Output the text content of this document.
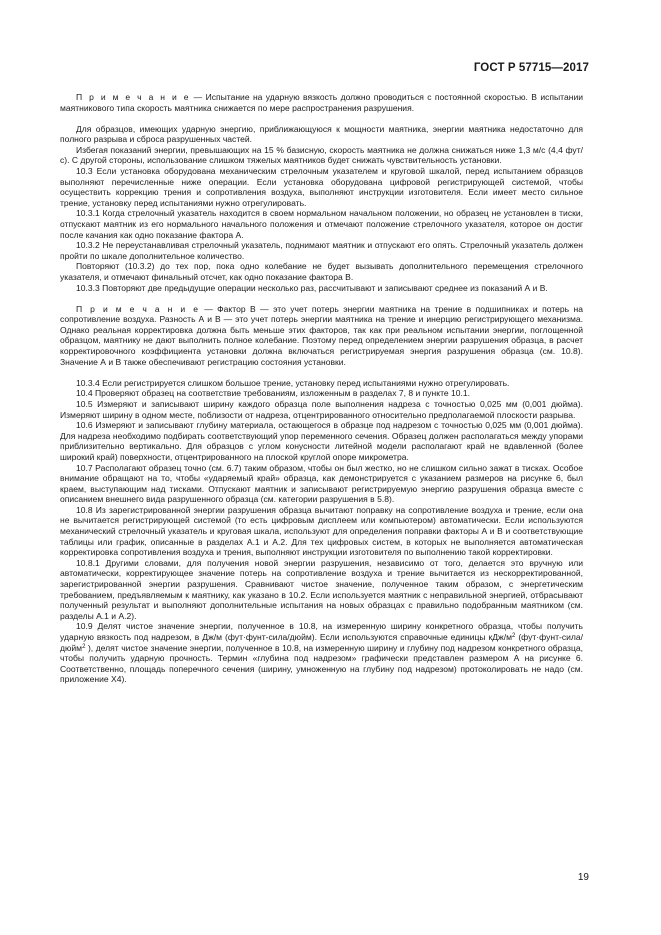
ГОСТ Р 57715—2017

П р и м е ч а н и е — Испытание на ударную вязкость должно проводиться с постоянной скоростью. В испытании маятникового типа скорость маятника снижается по мере распространения разрушения.

Для образцов, имеющих ударную энергию, приближающуюся к мощности маятника, энергии маятника недостаточно для полного разрыва и сброса разрушенных частей.

Избегая показаний энергии, превышающих на 15 % базисную, скорость маятника не должна снижаться ниже 1,3 м/с (4,4 фут/с). С другой стороны, использование слишком тяжелых маятников будет снижать чувствительность установки.

10.3 Если установка оборудована механическим стрелочным указателем и круговой шкалой, перед испытанием образцов выполняют перечисленные ниже операции. Если установка оборудована цифровой регистрирующей системой, чтобы осуществить коррекцию трения и сопротивления воздуха, выполняют инструкции изготовителя. Если имеет место сильное трение, установку перед испытаниями нужно отрегулировать.

10.3.1 Когда стрелочный указатель находится в своем нормальном начальном положении, но образец не установлен в тиски, отпускают маятник из его нормального начального положения и отмечают положение стрелочного указателя, которое он достиг после качания как одно показание фактора А.

10.3.2 Не переустанавливая стрелочный указатель, поднимают маятник и отпускают его опять. Стрелочный указатель должен пройти по шкале дополнительное количество.

Повторяют (10.3.2) до тех пор, пока одно колебание не будет вызывать дополнительного перемещения стрелочного указателя, и отмечают финальный отсчет, как одно показание фактора В.

10.3.3 Повторяют две предыдущие операции несколько раз, рассчитывают и записывают среднее из показаний А и В.

П р и м е ч а н и е — Фактор В — это учет потерь энергии маятника на трение в подшипниках и потерь на сопротивление воздуха. Разность А и В — это учет потерь энергии маятника на трение и инерцию регистрирующего механизма. Однако реальная корректировка должна быть меньше этих факторов, так как при реальном испытании энергии, поглощенной образцом, маятнику не дают выполнить полное колебание. Поэтому перед определением энергии разрушения образца, в расчет корректировочного коэффициента установки должна включаться регистрируемая энергия разрушения образца (см. 10.8). Значение А и В также обеспечивают регистрацию состояния установки.

10.3.4 Если регистрируется слишком большое трение, установку перед испытаниями нужно отрегулировать.

10.4 Проверяют образец на соответствие требованиям, изложенным в разделах 7, 8 и пункте 10.1.

10.5 Измеряют и записывают ширину каждого образца поле выполнения надреза с точностью 0,025 мм (0,001 дюйма). Измеряют ширину в одном месте, поблизости от надреза, отцентрированного относительно предполагаемой плоскости разрыва.

10.6 Измеряют и записывают глубину материала, остающегося в образце под надрезом с точностью 0,025 мм (0,001 дюйма). Для надреза необходимо подбирать соответствующий упор переменного сечения. Образец должен располагаться между упорами приблизительно вертикально. Для образцов с углом конусности литейной модели располагают край не вдавленной (более широкий край) поверхности, отцентрированного на плоской круглой опоре микрометра.

10.7 Располагают образец точно (см. 6.7) таким образом, чтобы он был жестко, но не слишком сильно зажат в тисках. Особое внимание обращают на то, чтобы «ударяемый край» образца, как демонстрируется с указанием размеров на рисунке 6, был краем, выступающим над тисками. Отпускают маятник и записывают регистрируемую энергию разрушения образца вместе с описанием внешнего вида разрушенного образца (см. категории разрушения в 5.8).

10.8 Из зарегистрированной энергии разрушения образца вычитают поправку на сопротивление воздуха и трение, если она не вычитается регистрирующей системой (то есть цифровым дисплеем или компьютером) автоматически. Если используются механический стрелочный указатель и круговая шкала, используют для определения поправки факторы А и В и соответствующие таблицы или график, описанные в разделах А.1 и А.2. Для тех цифровых систем, в которых не выполняется автоматическая корректировка сопротивления воздуха и трения, выполняют инструкции изготовителя по выполнению такой корректировки.

10.8.1 Другими словами, для получения новой энергии разрушения, независимо от того, делается это вручную или автоматически, корректирующее значение потерь на сопротивление воздуха и трение вычитается из нескорректированной, зарегистрированной энергии разрушения. Сравнивают чистое значение, полученное таким образом, с энергетическим требованием, предъявляемым к маятнику, как указано в 10.2. Если используется маятник с неправильной энергией, отбрасывают полученный результат и выполняют дополнительные испытания на новых образцах с правильно подобранным маятником (см. разделы А.1 и А.2).

10.9 Делят чистое значение энергии, полученное в 10.8, на измеренную ширину конкретного образца, чтобы получить ударную вязкость под надрезом, в Дж/м (фут·фунт-сила/дюйм). Если используются справочные единицы кДж/$м^2$ (фут·фунт-сила/дюйм$^2$ ), делят чистое значение энергии, полученное в 10.8, на измеренную ширину и глубину под надрезом конкретного образца, чтобы получить ударную прочность. Термин «глубина под надрезом» графически представлен размером А на рисунке 6. Соответственно, площадь поперечного сечения (ширину, умноженную на глубину под надрезом) протоколировать не надо (см. приложение Х4).

19
